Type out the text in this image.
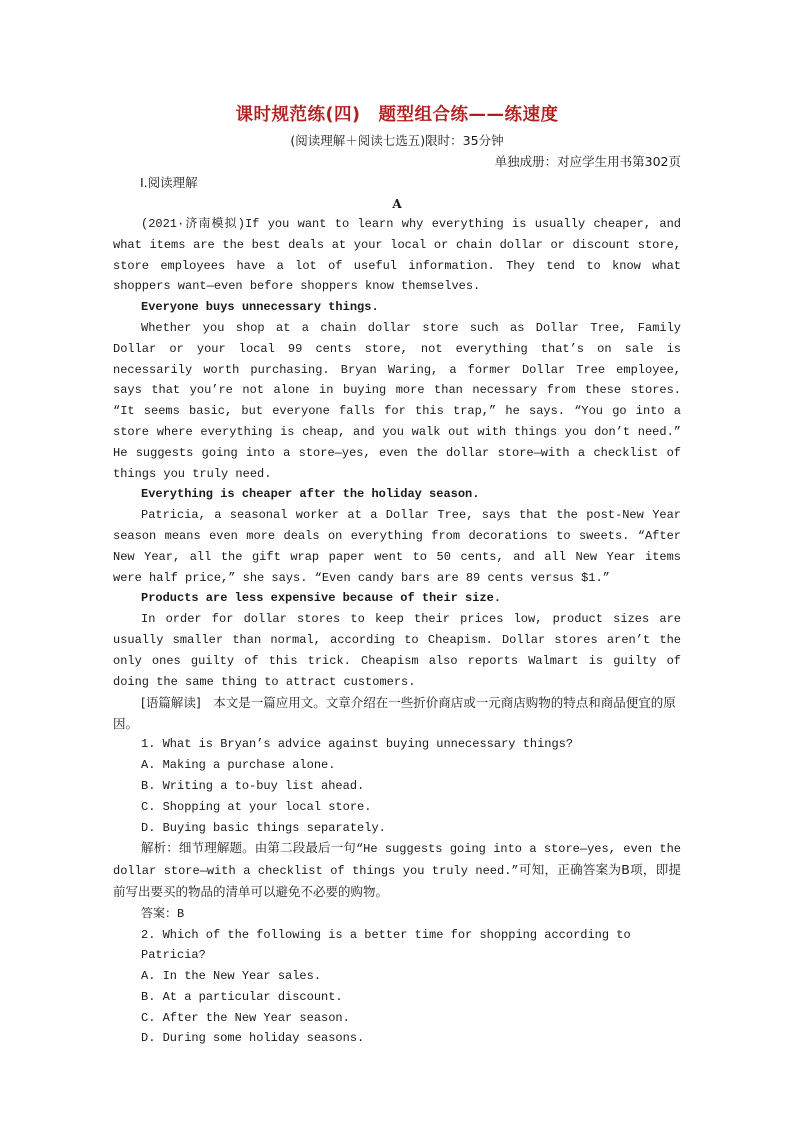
课时规范练(四)　题型组合练——练速度
(阅读理解＋阅读七选五)限时：35分钟
单独成册：对应学生用书第302页
Ⅰ.阅读理解
A

(2021·济南模拟)If you want to learn why everything is usually cheaper, and what items are the best deals at your local or chain dollar or discount store, store employees have a lot of useful information. They tend to know what shoppers want—even before shoppers know themselves.

Everyone buys unnecessary things.

Whether you shop at a chain dollar store such as Dollar Tree, Family Dollar or your local 99 cents store, not everything that’s on sale is necessarily worth purchasing. Bryan Waring, a former Dollar Tree employee, says that you’re not alone in buying more than necessary from these stores. “It seems basic, but everyone falls for this trap,” he says. “You go into a store where everything is cheap, and you walk out with things you don’t need.” He suggests going into a store—yes, even the dollar store—with a checklist of things you truly need.

Everything is cheaper after the holiday season.

Patricia, a seasonal worker at a Dollar Tree, says that the post-New Year season means even more deals on everything from decorations to sweets. “After New Year, all the gift wrap paper went to 50 cents, and all New Year items were half price,” she says. “Even candy bars are 89 cents versus $1.”

Products are less expensive because of their size.

In order for dollar stores to keep their prices low, product sizes are usually smaller than normal, according to Cheapism. Dollar stores aren’t the only ones guilty of this trick. Cheapism also reports Walmart is guilty of doing the same thing to attract customers.

[语篇解读]　本文是一篇应用文。文章介绍在一些折价商店或一元商店购物的特点和商品便宜的原因。

1. What is Bryan’s advice against buying unnecessary things?

A. Making a purchase alone.

B. Writing a to-buy list ahead.

C. Shopping at your local store.

D. Buying basic things separately.

解析：细节理解题。由第二段最后一句“He suggests going into a store—yes, even the dollar store—with a checklist of things you truly need.”可知，正确答案为B项，即提前写出要买的物品的清单可以避免不必要的购物。

答案：B

2. Which of the following is a better time for shopping according to Patricia?

A. In the New Year sales.

B. At a particular discount.

C. After the New Year season.

D. During some holiday seasons.
